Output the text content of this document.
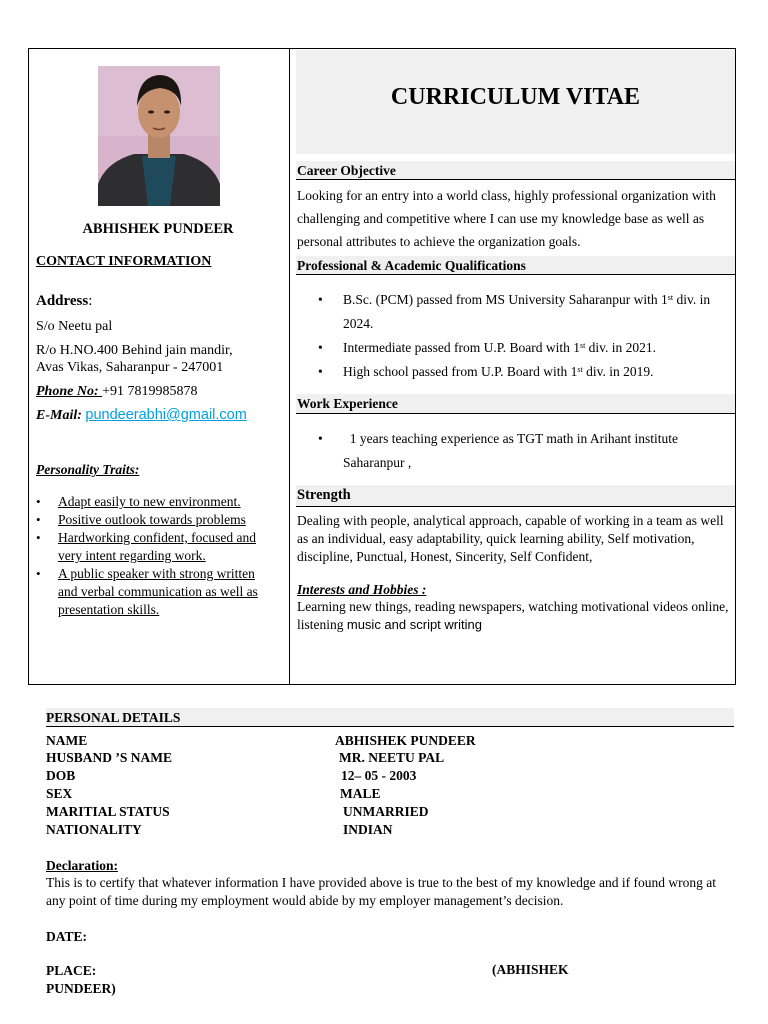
ABHISHEK PUNDEER
CONTACT INFORMATION
Address:
S/o Neetu pal
R/o H.NO.400 Behind jain mandir,
Avas Vikas, Saharanpur - 247001
Phone No: +91 7819985878
E-Mail: pundeerabhi@gmail.com
Personality Traits:
• Adapt easily to new environment.
• Positive outlook towards problems
• Hardworking confident, focused and very intent regarding work.
• A public speaker with strong written and verbal communication as well as presentation skills.
CURRICULUM VITAE
Career Objective
Looking for an entry into a world class, highly professional organization with challenging and competitive where I can use my knowledge base as well as personal attributes to achieve the organization goals.
Professional & Academic Qualifications
• B.Sc. (PCM) passed from MS University Saharanpur with 1st div. in 2024.
• Intermediate passed from U.P. Board with 1st div. in 2021.
• High school passed from U.P. Board with 1st div. in 2019.
Work Experience
•   1 years teaching experience as TGT math in Arihant institute Saharanpur ,
Strength
Dealing with people, analytical approach, capable of working in a team as well as an individual, easy adaptability, quick learning ability, Self motivation, discipline, Punctual, Honest, Sincerity, Self Confident,
Interests and Hobbies :
Learning new things, reading newspapers, watching motivational videos online, listening music and script writing
PERSONAL DETAILS
NAME	ABHISHEK PUNDEER
HUSBAND ’S NAME	MR. NEETU PAL
DOB	12– 05 - 2003
SEX	MALE
MARITIAL STATUS	UNMARRIED
NATIONALITY	INDIAN
Declaration:
This is to certify that whatever information I have provided above is true to the best of my knowledge and if found wrong at any point of time during my employment would abide by my employer management’s decision.
DATE:
PLACE:	(ABHISHEK
PUNDEER)
